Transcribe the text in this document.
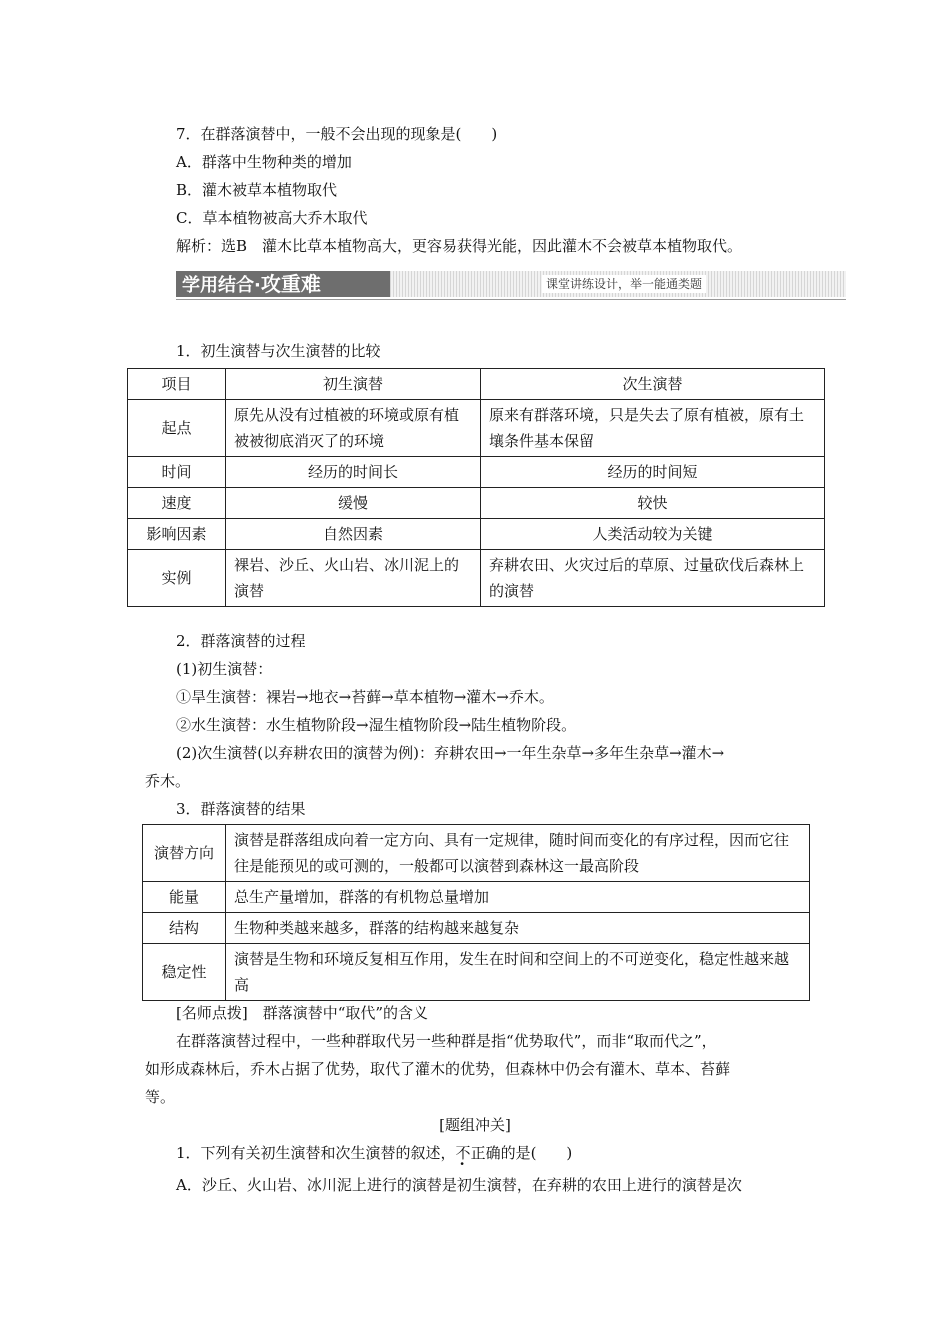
7．在群落演替中，一般不会出现的现象是(　　)
A．群落中生物种类的增加
B．灌木被草本植物取代
C．草本植物被高大乔木取代
解析：选B　灌木比草本植物高大，更容易获得光能，因此灌木不会被草本植物取代。
学用结合·攻重难	课堂讲练设计，举一能通类题
1．初生演替与次生演替的比较
项目	初生演替	次生演替
起点	原先从没有过植被的环境或原有植被被彻底消灭了的环境	原来有群落环境，只是失去了原有植被，原有土壤条件基本保留
时间	经历的时间长	经历的时间短
速度	缓慢	较快
影响因素	自然因素	人类活动较为关键
实例	裸岩、沙丘、火山岩、冰川泥上的演替	弃耕农田、火灾过后的草原、过量砍伐后森林上的演替
2．群落演替的过程
(1)初生演替：
①旱生演替：裸岩→地衣→苔藓→草本植物→灌木→乔木。
②水生演替：水生植物阶段→湿生植物阶段→陆生植物阶段。
(2)次生演替(以弃耕农田的演替为例)：弃耕农田→一年生杂草→多年生杂草→灌木→
乔木。
3．群落演替的结果
演替方向	演替是群落组成向着一定方向、具有一定规律，随时间而变化的有序过程，因而它往往是能预见的或可测的，一般都可以演替到森林这一最高阶段
能量	总生产量增加，群落的有机物总量增加
结构	生物种类越来越多，群落的结构越来越复杂
稳定性	演替是生物和环境反复相互作用，发生在时间和空间上的不可逆变化，稳定性越来越高
[名师点拨]　群落演替中“取代”的含义
在群落演替过程中，一些种群取代另一些种群是指“优势取代”，而非“取而代之”，
如形成森林后，乔木占据了优势，取代了灌木的优势，但森林中仍会有灌木、草本、苔藓
等。
[题组冲关]
1．下列有关初生演替和次生演替的叙述，不正确的是(　　)
A．沙丘、火山岩、冰川泥上进行的演替是初生演替，在弃耕的农田上进行的演替是次
